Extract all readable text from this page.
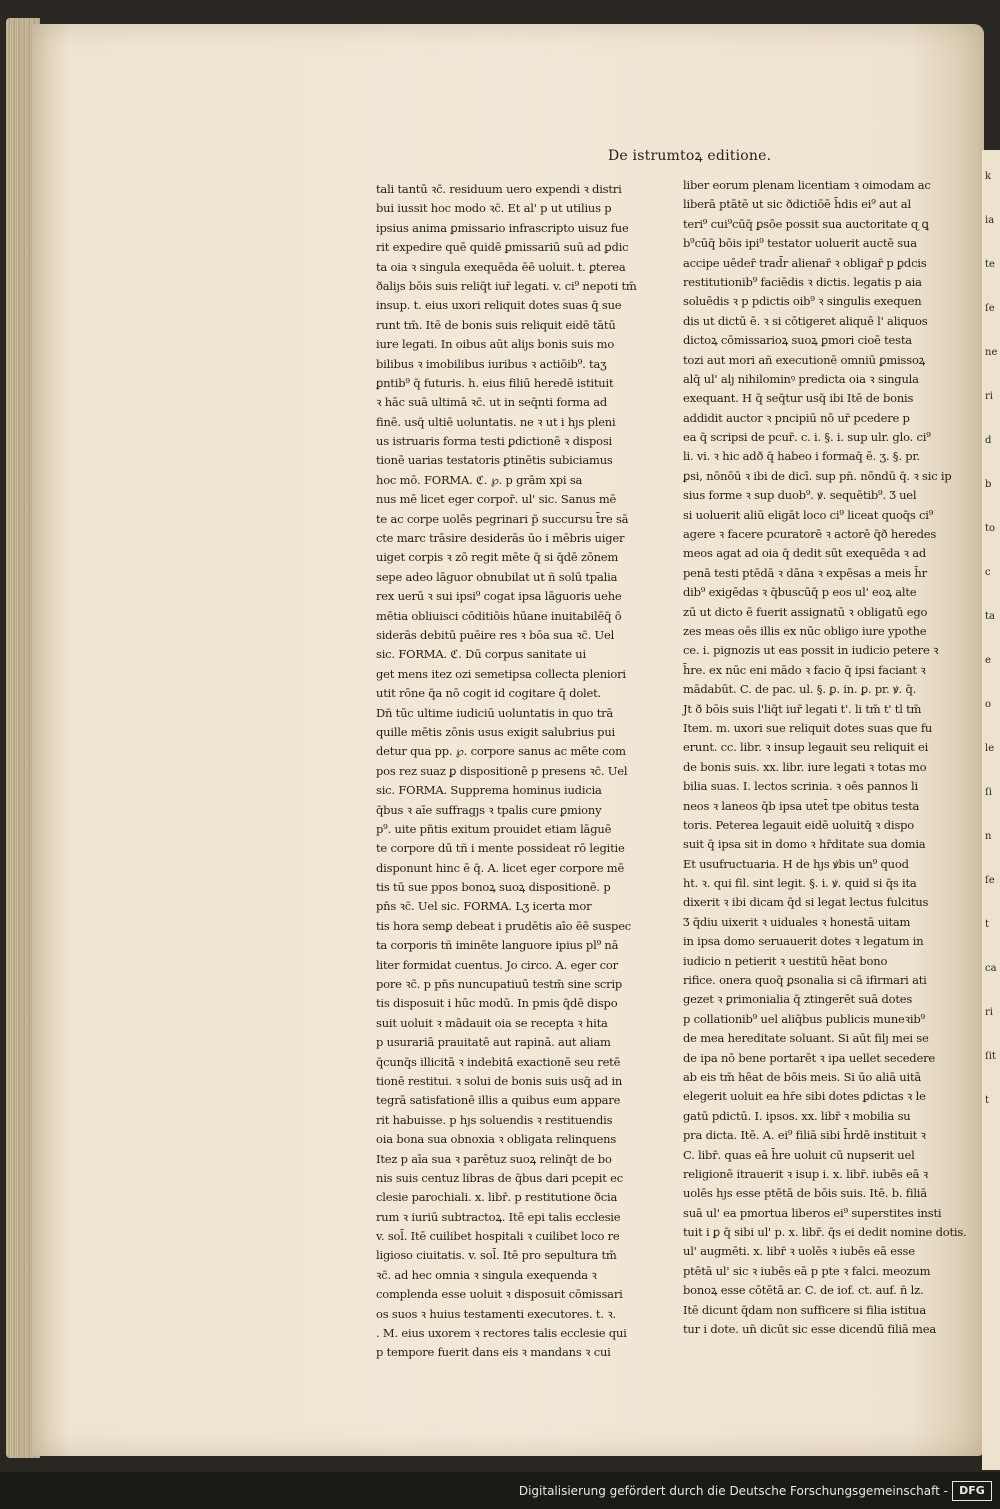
k
ia
te
ſe
ne
ri
d
b
to
c
ta
e
o
le
ſi
n
ſe
t
ca
ri
ſit
t
De istrumtoꝝ editione.
tali tantū ꝛc̄. residuum uero expendi ꝛ distri
bui iussit hoc modo ꝛc̄. Et al' p ut utilius p
ipsius anima ꝑmissario infrascripto uisuz fue
rit expedire quē quidē ꝑmissariū suū ad ꝑdic
ta oia ꝛ singula exequēda ēē uoluit. t. ꝑterea
ðaliȷs bōis suis reliq̄t iur̄ legati. v. ci⁹ nepoti tm̄
insup. t. eius uxori reliquit dotes suas q̄ sue
runt tm̄. Itē de bonis suis reliquit eidē tātū
iure legati. In oibus aūt aliȷs bonis suis mo
bilibus ꝛ imobilibus iuribus ꝛ actiōib⁹. taʒ
ꝑntib⁹ q̄ futuris. h. eius filiū heredē istituit
ꝛ hāc suā ultimā ꝛc̄. ut in seq̄nti forma ad
finē. usq̄ ultiē uoluntatis. ne ꝛ ut i hȷs pleni
us istruaris forma testi ꝑdictionē ꝛ disposi
tionē uarias testatoris ꝑtinētis subiciamus
hoc mō. FORMA. ℭ. ℘. p grām xpi sa
nus mē licet eger corpor̄. ul' sic. Sanus mē
te ac corpe uolēs pegrinari p̄ succursu t̄re sā
cte marc trāsire desiderās ūo i mēbris uiger
uiget corpis ꝛ zō regit mēte q̄ si q̄dē zōnem
sepe adeo lāguor obnubilat ut ñ solū tpalia
rex uerū ꝛ sui ipsi⁹ cogat ipsa lāguoris uehe
mētia obliuisci cōditiōis hūane inuitabilēq̄ ō
siderās debitū puēire res ꝛ bōa sua ꝛc̄. Uel
sic. FORMA. ℭ. Dū corpus sanitate ui
get mens itez ozi semetipsa collecta pleniori
utit rōne q̄a nō cogit id cogitare q̄ dolet.
Dn̄ tūc ultime iudiciū uoluntatis in quo trā
quille mētis zōnis usus exigit salubrius pui
detur qua pp. ℘. corpore sanus ac mēte com
pos rez suaz ꝑ dispositionē p presens ꝛc̄. Uel
sic. FORMA. Supprema hominus iudicia
q̄bus ꝛ aīe suffragȷs ꝛ tpalis cure ꝑmiony
p⁹. uite pn̄tis exitum prouidet etiam lāguē
te corpore dū tñ i mente possideat rō legitie
disponunt hinc ē q̄. A. licet eger corpore mē
tis tū sue ppos bonoꝝ suoꝝ dispositionē. p
pn̄s ꝛc̄. Uel sic. FORMA. Lʒ icerta mor
tis hora semꝑ debeat i prudētis aīo ēē suspec
ta corporis tñ iminēte languore ipius pl⁹ nā
liter formidat cuentus. Jo circo. A. eger cor
pore ꝛc̄. p pn̄s nuncupatiuū testm̄ sine scrip
tis disposuit i hūc modū. In pmis q̄dē dispo
suit uoluit ꝛ mādauit oia se recepta ꝛ hita
p usurariā prauitatē aut rapinā. aut aliam
q̄cunq̄s illicitā ꝛ indebitā exactionē seu retē
tionē restitui. ꝛ solui de bonis suis usq̄ ad in
tegrā satisfationē illis a quibus eum appare
rit habuisse. p hȷs soluendis ꝛ restituendis
oia bona sua obnoxia ꝛ obligata relinquens
Itez p aīa sua ꝛ parētuz suoꝝ relinq̄t de bo
nis suis centuz libras de q̄bus dari pcepit ec
clesie parochiali. x. libr̄. p restitutione ðcia
rum ꝛ iuriū subtractoꝝ. Itē epi talis ecclesie
v. sol̄. Itē cuilibet hospitali ꝛ cuilibet loco re
ligioso ciuitatis. v. sol̄. Itē pro sepultura tm̄
ꝛc̄. ad hec omnia ꝛ singula exequenda ꝛ
complenda esse uoluit ꝛ disposuit cōmissari
os suos ꝛ huius testamenti executores. t. ꝛ.
. M. eius uxorem ꝛ rectores talis ecclesie qui
p tempore fuerit dans eis ꝛ mandans ꝛ cui
liber eorum plenam licentiam ꝛ oimodam ac
liberā ptātē ut sic ðdictiōē h̄dis ei⁹ aut al
teri⁹ cui⁹cūq̄ ꝑsōe possit sua auctoritate ɋ ꝗ
b⁹cūq̄ bōis ipi⁹ testator uoluerit auctē sua
accipe uēder̄ trad̄r alienar̄ ꝛ obligar̄ p ꝑdcis
restitutionib⁹ faciēdis ꝛ dictis. legatis p aia
soluēdis ꝛ p pdictis oib⁹ ꝛ singulis exequen
dis ut dictū ē. ꝛ si cōtigeret aliquē l' aliquos
dictoꝝ cōmissarioꝝ suoꝝ ꝑmori cioē testa
tozi aut mori añ executionē omniū ꝑmissoꝝ
alq̄ ul' alȷ nihilominꝰ predicta oia ꝛ singula
exequant. H q̄ seq̄tur usq̄ ibi Itē de bonis
addidit auctor ꝛ pncipiū nō ur̄ pcedere p
ea q̄ scripsi de pcur̄. c. i. §. i. sup ulr. glo. ci⁹
li. vi. ꝛ hic adð q̄ habeo i formaq̄ ē. ʒ. §. pr.
ꝑsi, nōnōū ꝛ ibi de dicī. sup pn̄. nōndū q̄. ꝛ sic ip
sius forme ꝛ sup duob⁹. ꝟ. sequētib⁹. Ʒ uel
si uoluerit aliū eligāt loco ci⁹ liceat quoq̄s ci⁹
agere ꝛ facere pcuratorē ꝛ actorē q̄ð heredes
meos agat ad oia q̄ dedit sūt exequēda ꝛ ad
penā testi ptēdā ꝛ dāna ꝛ expēsas a meis h̄r
dib⁹ exigēdas ꝛ q̄buscūq̄ p eos ul' eoꝝ alte
zū ut dicto ē fuerit assignatū ꝛ obligatū ego
zes meas oēs illis ex nūc obligo iure ypothe
ce. i. pignozis ut eas possit in iudicio petere ꝛ
h̄re. ex nūc eni mādo ꝛ facio q̄ ipsi faciant ꝛ
mādabūt. C. de pac. ul. §. ꝑ. in. ꝑ. pr. ꝟ. q̄.
Jt ð bōis suis l'liq̄t iur̄ legati t'. li tm̄ t' tl tm̄
Item. m. uxori sue reliquit dotes suas que fu
erunt. cc. libr. ꝛ insup legauit seu reliquit ei
de bonis suis. xx. libr. iure legati ꝛ totas mo
bilia suas. I. lectos scrinia. ꝛ oēs pannos li
neos ꝛ laneos q̄b ipsa utet̄ tpe obitus testa
toris. Peterea legauit eidē uoluitq̄ ꝛ dispo
suit q̄ ipsa sit in domo ꝛ hr̄ditate sua domia
Et usufructuaria. H de hȷs ꝟbis un⁹ quod
ht. ꝛ. qui fil. sint legit. §. i. ꝟ. quid si q̄s ita
dixerit ꝛ ibi dicam q̄d si legat lectus fulcitus
Ʒ q̄diu uixerit ꝛ uiduales ꝛ honestā uitam
in ipsa domo seruauerit dotes ꝛ legatum in
iudicio n petierit ꝛ uestitū hēat bono
rifice. onera quoq̄ ꝑsonalia si cā ifirmari ati
gezet ꝛ ꝑrimonialia q̄ ztingerēt suā dotes
p collationib⁹ uel aliq̄bus publicis muneꝛib⁹
de mea hereditate soluant. Si aūt filȷ mei se
de ipa nō bene portarēt ꝛ ipa uellet secedere
ab eis tm̄ hēat de bōis meis. Si ūo aliā uitā
elegerit uoluit ea hr̄e sibi dotes ꝑdictas ꝛ le
gatū pdictū. I. ipsos. xx. libr̄ ꝛ mobilia su
pra dicta. Itē. A. ei⁹ filiā sibi h̄rdē instituit ꝛ
C. libr̄. quas eā h̄re uoluit cū nupserit uel
religionē itrauerit ꝛ isup i. x. libr̄. iubēs eā ꝛ
uolēs hȷs esse ptētā de bōis suis. Itē. b. filiā
suā ul' ea pmortua liberos ei⁹ superstites insti
tuit i ꝑ q̄ sibi ul' p. x. libr̄. q̄s ei dedit nomine dotis.
ul' augmēti. x. libr̄ ꝛ uolēs ꝛ iubēs eā esse
ptētā ul' sic ꝛ iubēs eā p pte ꝛ falci. meozum
bonoꝝ esse cōtētā ar. C. de iof. ct. auf. n̄ lz.
Itē dicunt q̄dam non sufficere si filia istitua
tur i dote. un̄ dicūt sic esse dicendū filiā mea
Digitalisierung gefördert durch die Deutsche Forschungsgemeinschaft -	DFG
